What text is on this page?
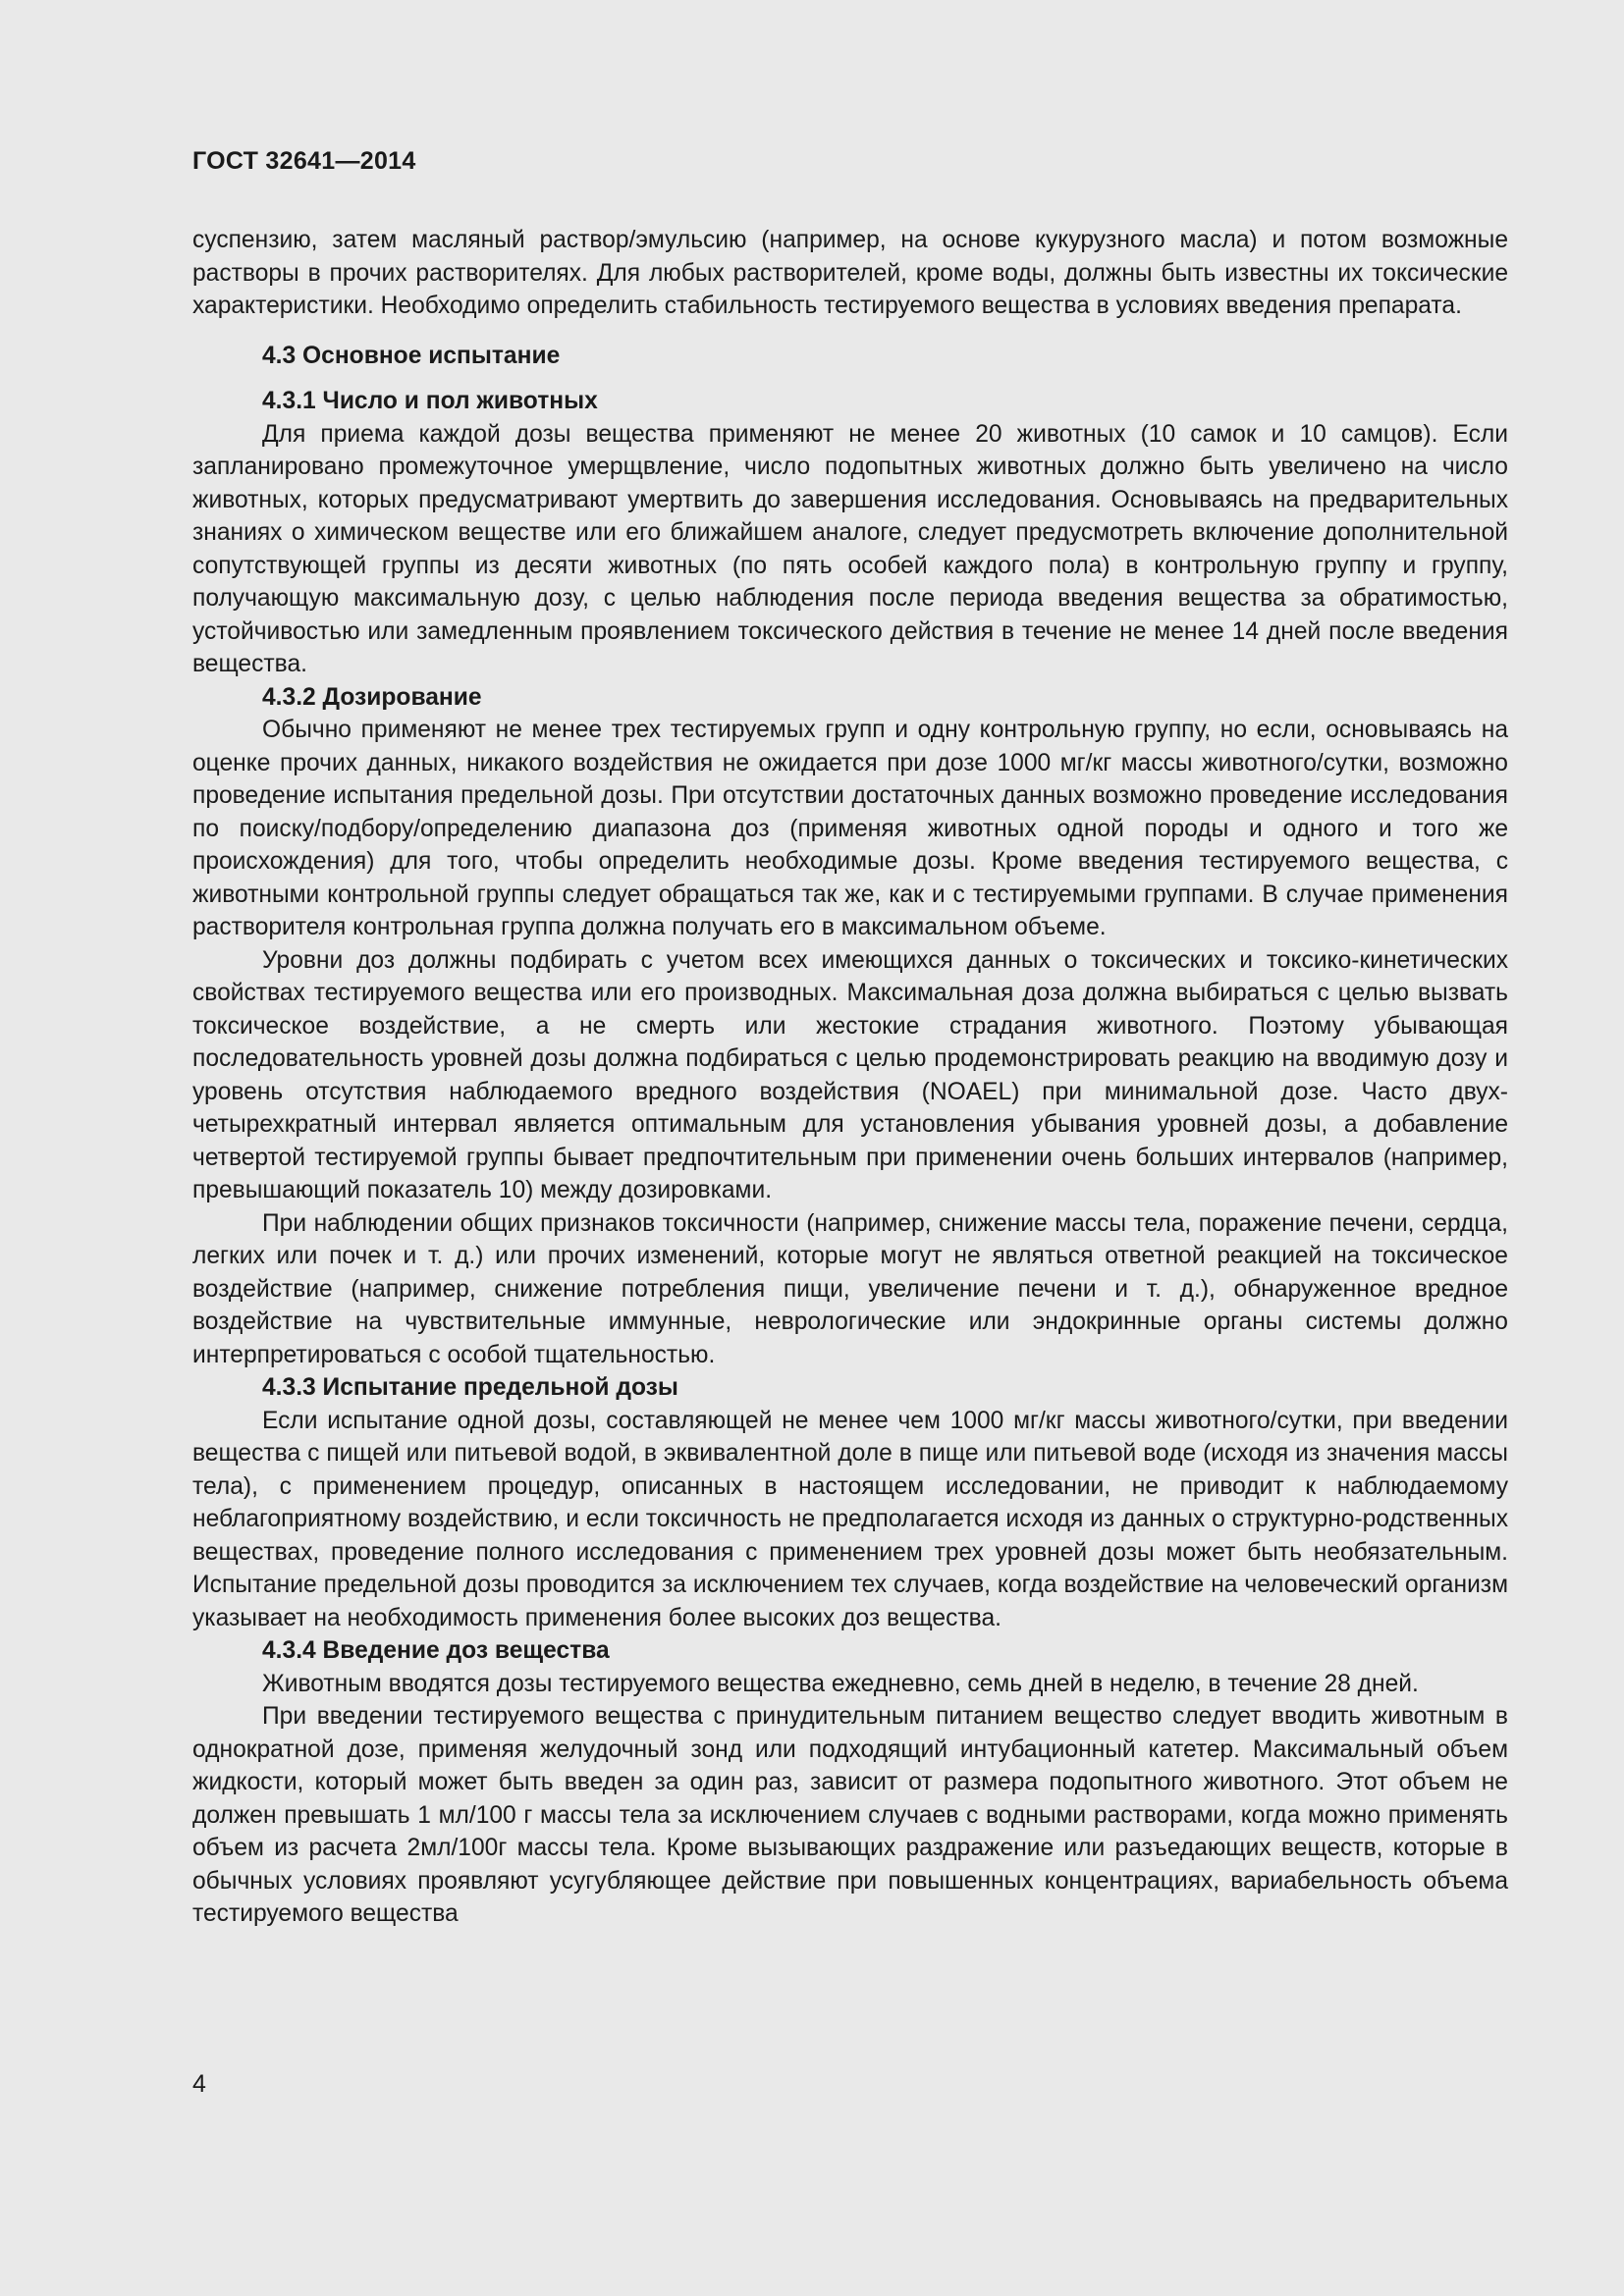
ГОСТ 32641—2014

суспензию, затем масляный раствор/эмульсию (например, на основе кукурузного масла) и потом возможные растворы в прочих растворителях. Для любых растворителей, кроме воды, должны быть известны их токсические характеристики. Необходимо определить стабильность тестируемого вещества в условиях введения препарата.

4.3 Основное испытание
4.3.1 Число и пол животных

Для приема каждой дозы вещества применяют не менее 20 животных (10 самок и 10 самцов). Если запланировано промежуточное умерщвление, число подопытных животных должно быть увеличено на число животных, которых предусматривают умертвить до завершения исследования. Основываясь на предварительных знаниях о химическом веществе или его ближайшем аналоге, следует предусмотреть включение дополнительной сопутствующей группы из десяти животных (по пять особей каждого пола) в контрольную группу и группу, получающую максимальную дозу, с целью наблюдения после периода введения вещества за обратимостью, устойчивостью или замедленным проявлением токсического действия в течение не менее 14 дней после введения вещества.

4.3.2 Дозирование

Обычно применяют не менее трех тестируемых групп и одну контрольную группу, но если, основываясь на оценке прочих данных, никакого воздействия не ожидается при дозе 1000 мг/кг массы животного/сутки, возможно проведение испытания предельной дозы. При отсутствии достаточных данных возможно проведение исследования по поиску/подбору/определению диапазона доз (применяя животных одной породы и одного и того же происхождения) для того, чтобы определить необходимые дозы. Кроме введения тестируемого вещества, с животными контрольной группы следует обращаться так же, как и с тестируемыми группами. В случае применения растворителя контрольная группа должна получать его в максимальном объеме.

Уровни доз должны подбирать с учетом всех имеющихся данных о токсических и токсико-кинетических свойствах тестируемого вещества или его производных. Максимальная доза должна выбираться с целью вызвать токсическое воздействие, а не смерть или жестокие страдания животного. Поэтому убывающая последовательность уровней дозы должна подбираться с целью продемонстрировать реакцию на вводимую дозу и уровень отсутствия наблюдаемого вредного воздействия (NOAEL) при минимальной дозе. Часто двух-четырехкратный интервал является оптимальным для установления убывания уровней дозы, а добавление четвертой тестируемой группы бывает предпочтительным при применении очень больших интервалов (например, превышающий показатель 10) между дозировками.

При наблюдении общих признаков токсичности (например, снижение массы тела, поражение печени, сердца, легких или почек и т. д.) или прочих изменений, которые могут не являться ответной реакцией на токсическое воздействие (например, снижение потребления пищи, увеличение печени и т. д.), обнаруженное вредное воздействие на чувствительные иммунные, неврологические или эндокринные органы системы должно интерпретироваться с особой тщательностью.

4.3.3 Испытание предельной дозы

Если испытание одной дозы, составляющей не менее чем 1000 мг/кг массы животного/сутки, при введении вещества с пищей или питьевой водой, в эквивалентной доле в пище или питьевой воде (исходя из значения массы тела), с применением процедур, описанных в настоящем исследовании, не приводит к наблюдаемому неблагоприятному воздействию, и если токсичность не предполагается исходя из данных о структурно-родственных веществах, проведение полного исследования с применением трех уровней дозы может быть необязательным. Испытание предельной дозы проводится за исключением тех случаев, когда воздействие на человеческий организм указывает на необходимость применения более высоких доз вещества.

4.3.4 Введение доз вещества

Животным вводятся дозы тестируемого вещества ежедневно, семь дней в неделю, в течение 28 дней.

При введении тестируемого вещества с принудительным питанием вещество следует вводить животным в однократной дозе, применяя желудочный зонд или подходящий интубационный катетер. Максимальный объем жидкости, который может быть введен за один раз, зависит от размера подопытного животного. Этот объем не должен превышать 1 мл/100 г массы тела за исключением случаев с водными растворами, когда можно применять объем из расчета 2мл/100г массы тела. Кроме вызывающих раздражение или разъедающих веществ, которые в обычных условиях проявляют усугубляющее действие при повышенных концентрациях, вариабельность объема тестируемого вещества

4
